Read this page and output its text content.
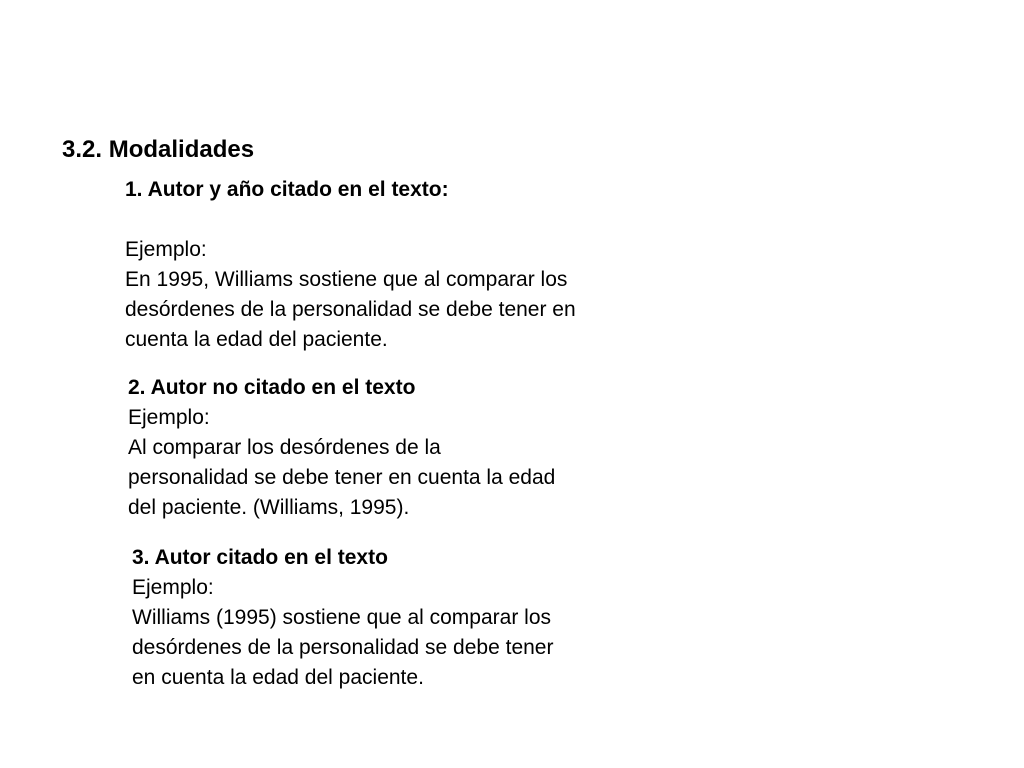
3.2. Modalidades
1. Autor y año citado en el texto:
Ejemplo:
En 1995, Williams sostiene que al comparar los
desórdenes de la personalidad se debe tener en
cuenta la edad del paciente.
2. Autor no citado en el texto
Ejemplo:
Al comparar los desórdenes de la
personalidad se debe tener en cuenta la edad
del paciente. (Williams, 1995).
3. Autor citado en el texto
Ejemplo:
Williams (1995) sostiene que al comparar los
desórdenes de la personalidad se debe tener
en cuenta la edad del paciente.
